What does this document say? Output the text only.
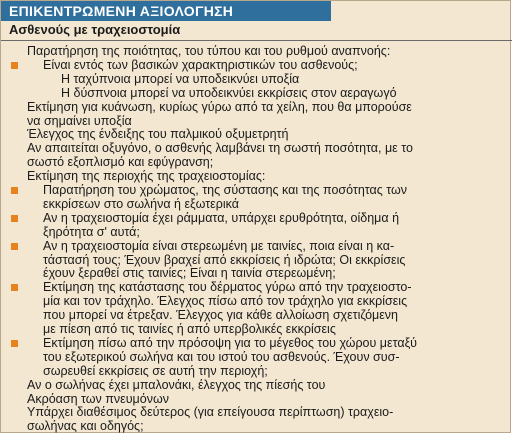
ΕΠΙΚΕΝΤΡΩΜΕΝΗ ΑΞΙΟΛΟΓΗΣΗ
Ασθενούς με τραχειοστομία
Παρατήρηση της ποιότητας, του τύπου και του ρυθμού αναπνοής:
Είναι εντός των βασικών χαρακτηριστικών του ασθενούς;
Η ταχύπνοια μπορεί να υποδεικνύει υποξία
Η δύσπνοια μπορεί να υποδεικνύει εκκρίσεις στον αεραγωγό
Εκτίμηση για κυάνωση, κυρίως γύρω από τα χείλη, που θα μπορούσε
να σημαίνει υποξία
Έλεγχος της ένδειξης του παλμικού οξυμετρητή
Αν απαιτείται οξυγόνο, ο ασθενής λαμβάνει τη σωστή ποσότητα, με το
σωστό εξοπλισμό και εφύγρανση;
Εκτίμηση της περιοχής της τραχειοστομίας:
Παρατήρηση του χρώματος, της σύστασης και της ποσότητας των
εκκρίσεων στο σωλήνα ή εξωτερικά
Αν η τραχειοστομία έχει ράμματα, υπάρχει ερυθρότητα, οίδημα ή
ξηρότητα σ' αυτά;
Αν η τραχειοστομία είναι στερεωμένη με ταινίες, ποια είναι η κα-
τάστασή τους; Έχουν βραχεί από εκκρίσεις ή ιδρώτα; Οι εκκρίσεις
έχουν ξεραθεί στις ταινίες; Είναι η ταινία στερεωμένη;
Εκτίμηση της κατάστασης του δέρματος γύρω από την τραχειοστο-
μία και τον τράχηλο. Έλεγχος πίσω από τον τράχηλο για εκκρίσεις
που μπορεί να έτρεξαν. Έλεγχος για κάθε αλλοίωση σχετιζόμενη
με πίεση από τις ταινίες ή από υπερβολικές εκκρίσεις
Εκτίμηση πίσω από την πρόσοψη για το μέγεθος του χώρου μεταξύ
του εξωτερικού σωλήνα και του ιστού του ασθενούς. Έχουν συσ-
σωρευθεί εκκρίσεις σε αυτή την περιοχή;
Αν ο σωλήνας έχει μπαλονάκι, έλεγχος της πίεσής του
Ακρόαση των πνευμόνων
Υπάρχει διαθέσιμος δεύτερος (για επείγουσα περίπτωση) τραχειο-
σωλήνας και οδηγός;
